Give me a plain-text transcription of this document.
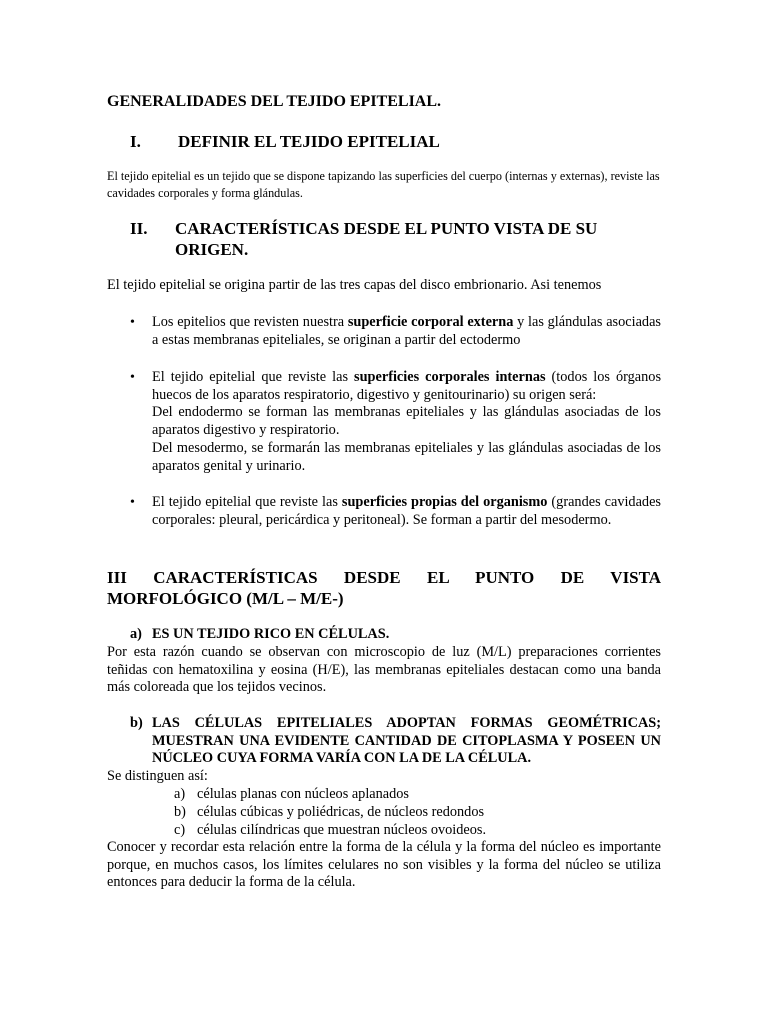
GENERALIDADES DEL TEJIDO EPITELIAL.
I. DEFINIR EL TEJIDO EPITELIAL
El tejido epitelial es un tejido que se dispone tapizando las superficies del cuerpo (internas y externas), reviste las cavidades corporales y forma glándulas.
II. CARACTERÍSTICAS DESDE EL PUNTO VISTA DE SU ORIGEN.
El tejido epitelial se origina partir de las tres capas del disco embrionario. Asi tenemos
• Los epitelios que revisten nuestra superficie corporal externa y las glándulas asociadas a estas membranas epiteliales, se originan a partir del ectodermo
• El tejido epitelial que reviste las superficies corporales internas (todos los órganos huecos de los aparatos respiratorio, digestivo y genitourinario) su origen será:
Del endodermo se forman las membranas epiteliales y las glándulas asociadas de los aparatos digestivo y respiratorio.
Del mesodermo, se formarán las membranas epiteliales y las glándulas asociadas de los aparatos genital y urinario.
• El tejido epitelial que reviste las superficies propias del organismo (grandes cavidades corporales: pleural, pericárdica y peritoneal). Se forman a partir del mesodermo.
III CARACTERÍSTICAS DESDE EL PUNTO DE VISTA MORFOLÓGICO (M/L – M/E-)
a) ES UN TEJIDO RICO EN CÉLULAS.
Por esta razón cuando se observan con microscopio de luz (M/L) preparaciones corrientes teñidas con hematoxilina y eosina (H/E), las membranas epiteliales destacan como una banda más coloreada que los tejidos vecinos.
b) LAS CÉLULAS EPITELIALES ADOPTAN FORMAS GEOMÉTRICAS; MUESTRAN UNA EVIDENTE CANTIDAD DE CITOPLASMA Y POSEEN UN NÚCLEO CUYA FORMA VARÍA CON LA DE LA CÉLULA.
Se distinguen así:
a) células planas con núcleos aplanados
b) células cúbicas y poliédricas, de núcleos redondos
c) células cilíndricas que muestran núcleos ovoideos.
Conocer y recordar esta relación entre la forma de la célula y la forma del núcleo es importante porque, en muchos casos, los límites celulares no son visibles y la forma del núcleo se utiliza entonces para deducir la forma de la célula.
